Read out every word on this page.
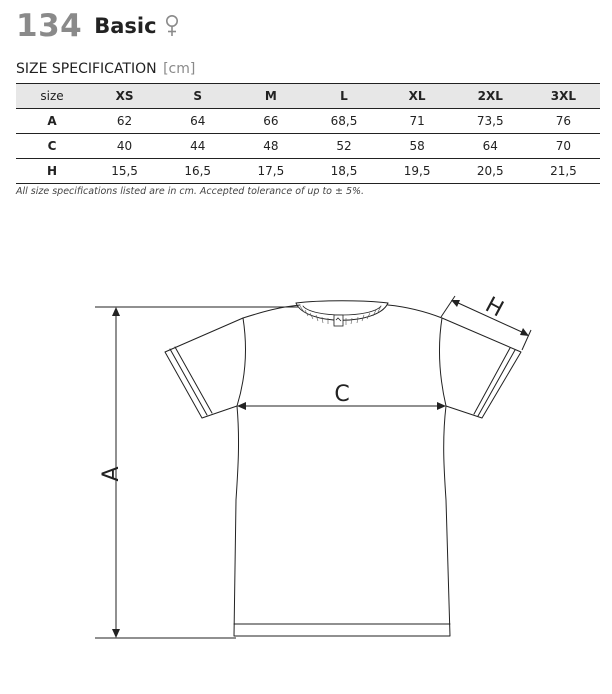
134 Basic
SIZE SPECIFICATION [cm]
size	XS	S	M	L	XL	2XL	3XL
A	62	64	66	68,5	71	73,5	76
C	40	44	48	52	58	64	70
H	15,5	16,5	17,5	18,5	19,5	20,5	21,5
All size specifications listed are in cm. Accepted tolerance of up to ± 5%.
A
C
H
